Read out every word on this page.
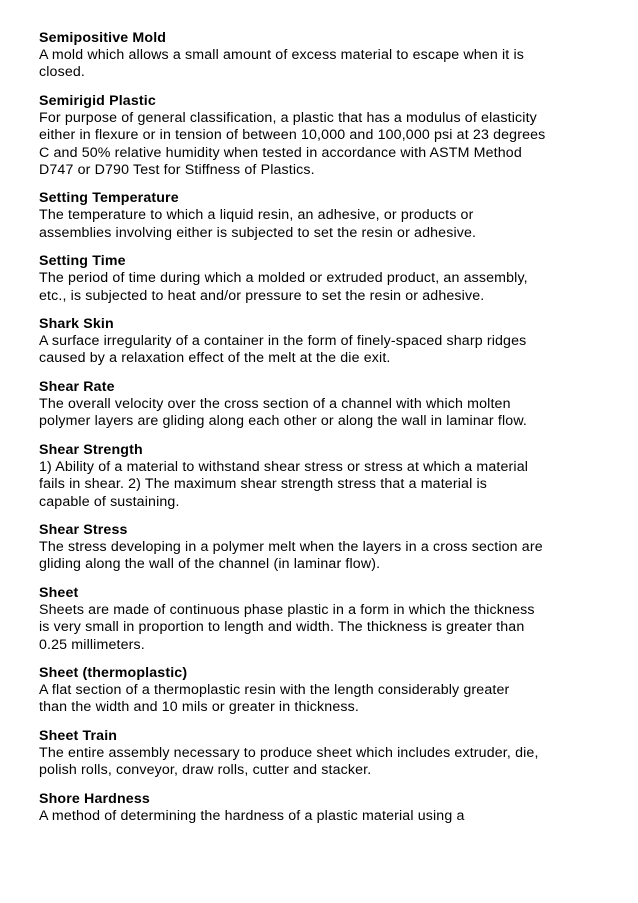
Semipositive Mold
A mold which allows a small amount of excess material to escape when it is
closed.
Semirigid Plastic
For purpose of general classification, a plastic that has a modulus of elasticity
either in flexure or in tension of between 10,000 and 100,000 psi at 23 degrees
C and 50% relative humidity when tested in accordance with ASTM Method
D747 or D790 Test for Stiffness of Plastics.
Setting Temperature
The temperature to which a liquid resin, an adhesive, or products or
assemblies involving either is subjected to set the resin or adhesive.
Setting Time
The period of time during which a molded or extruded product, an assembly,
etc., is subjected to heat and/or pressure to set the resin or adhesive.
Shark Skin
A surface irregularity of a container in the form of finely-spaced sharp ridges
caused by a relaxation effect of the melt at the die exit.
Shear Rate
The overall velocity over the cross section of a channel with which molten
polymer layers are gliding along each other or along the wall in laminar flow.
Shear Strength
1) Ability of a material to withstand shear stress or stress at which a material
fails in shear. 2) The maximum shear strength stress that a material is
capable of sustaining.
Shear Stress
The stress developing in a polymer melt when the layers in a cross section are
gliding along the wall of the channel (in laminar flow).
Sheet
Sheets are made of continuous phase plastic in a form in which the thickness
is very small in proportion to length and width. The thickness is greater than
0.25 millimeters.
Sheet (thermoplastic)
A flat section of a thermoplastic resin with the length considerably greater
than the width and 10 mils or greater in thickness.
Sheet Train
The entire assembly necessary to produce sheet which includes extruder, die,
polish rolls, conveyor, draw rolls, cutter and stacker.
Shore Hardness
A method of determining the hardness of a plastic material using a
